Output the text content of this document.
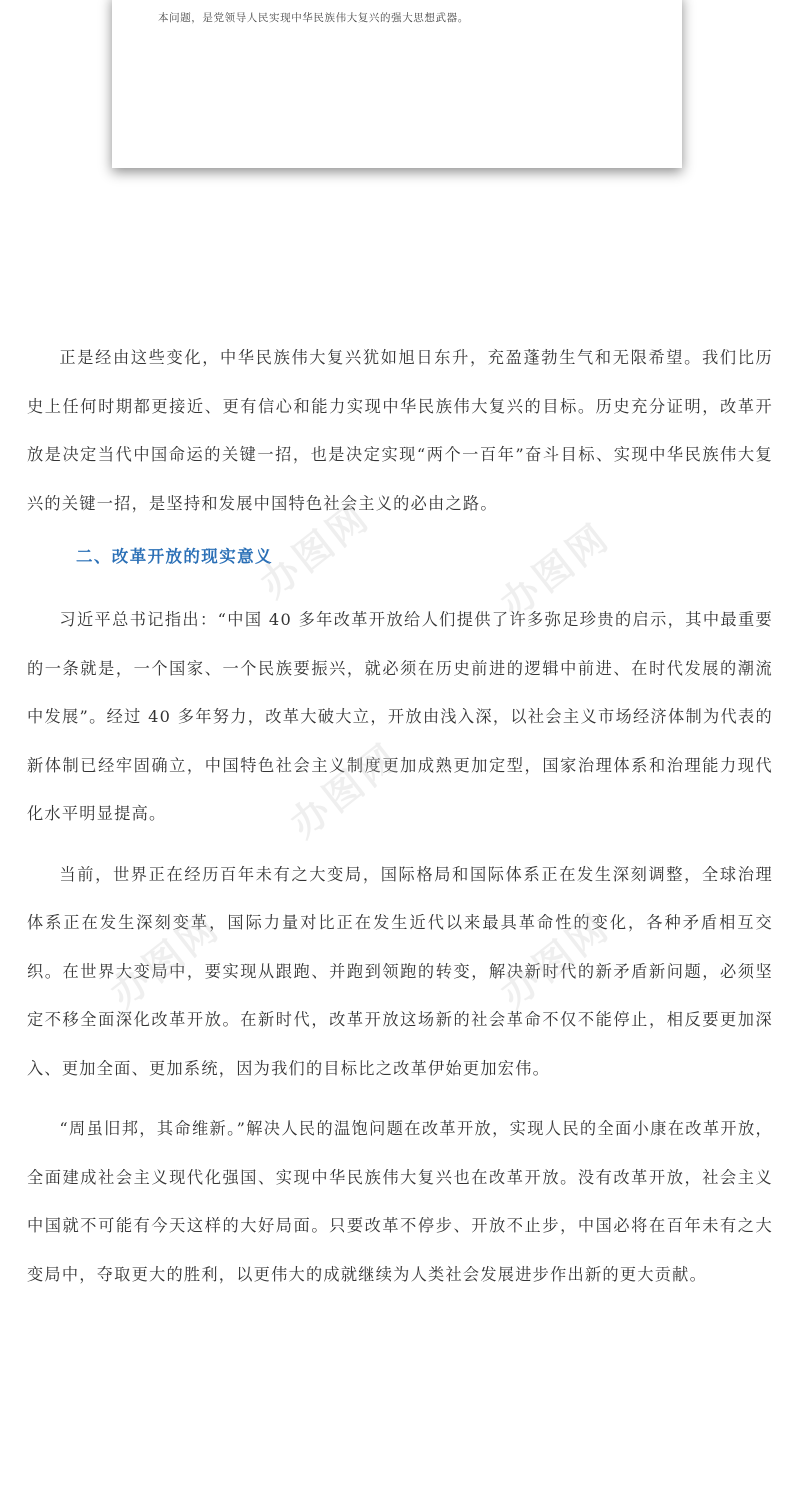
本问题，是党领导人民实现中华民族伟大复兴的强大思想武器。

正是经由这些变化，中华民族伟大复兴犹如旭日东升，充盈蓬勃生气和无限希望。我们比历史上任何时期都更接近、更有信心和能力实现中华民族伟大复兴的目标。历史充分证明，改革开放是决定当代中国命运的关键一招，也是决定实现“两个一百年”奋斗目标、实现中华民族伟大复兴的关键一招，是坚持和发展中国特色社会主义的必由之路。

二、改革开放的现实意义

习近平总书记指出：“中国 40 多年改革开放给人们提供了许多弥足珍贵的启示，其中最重要的一条就是，一个国家、一个民族要振兴，就必须在历史前进的逻辑中前进、在时代发展的潮流中发展”。经过 40 多年努力，改革大破大立，开放由浅入深，以社会主义市场经济体制为代表的新体制已经牢固确立，中国特色社会主义制度更加成熟更加定型，国家治理体系和治理能力现代化水平明显提高。

当前，世界正在经历百年未有之大变局，国际格局和国际体系正在发生深刻调整，全球治理体系正在发生深刻变革，国际力量对比正在发生近代以来最具革命性的变化，各种矛盾相互交织。在世界大变局中，要实现从跟跑、并跑到领跑的转变，解决新时代的新矛盾新问题，必须坚定不移全面深化改革开放。在新时代，改革开放这场新的社会革命不仅不能停止，相反要更加深入、更加全面、更加系统，因为我们的目标比之改革伊始更加宏伟。

“周虽旧邦，其命维新。”解决人民的温饱问题在改革开放，实现人民的全面小康在改革开放，全面建成社会主义现代化强国、实现中华民族伟大复兴也在改革开放。没有改革开放，社会主义中国就不可能有今天这样的大好局面。只要改革不停步、开放不止步，中国必将在百年未有之大变局中，夺取更大的胜利，以更伟大的成就继续为人类社会发展进步作出新的更大贡献。

办图网	办图网
办图网
办图网	办图网
